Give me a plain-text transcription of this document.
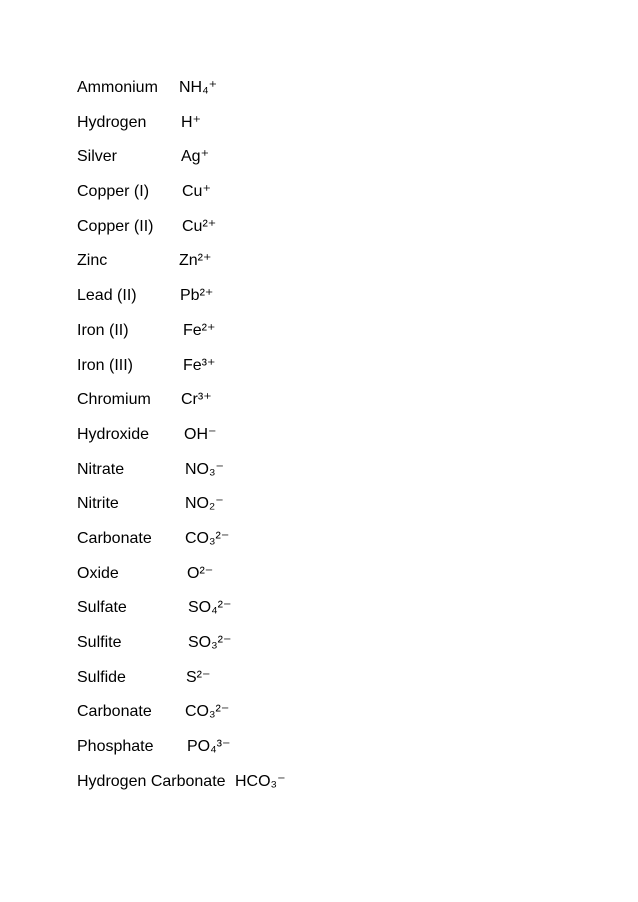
Ammonium NH₄⁺
Hydrogen H⁺
Silver	Ag⁺
Copper (I) Cu⁺
Copper (II) Cu²⁺
Zinc	Zn²⁺
Lead (II)	Pb²⁺
Iron (II)	Fe²⁺
Iron (III)	Fe³⁺
Chromium Cr³⁺
Hydroxide OH⁻
Nitrate	NO₃⁻
Nitrite	NO₂⁻
Carbonate CO₃²⁻
Oxide	O²⁻
Sulfate	SO₄²⁻
Sulfite	SO₃²⁻
Sulfide	S²⁻
Carbonate CO₃²⁻
Phosphate PO₄³⁻
Hydrogen Carbonate HCO₃⁻
